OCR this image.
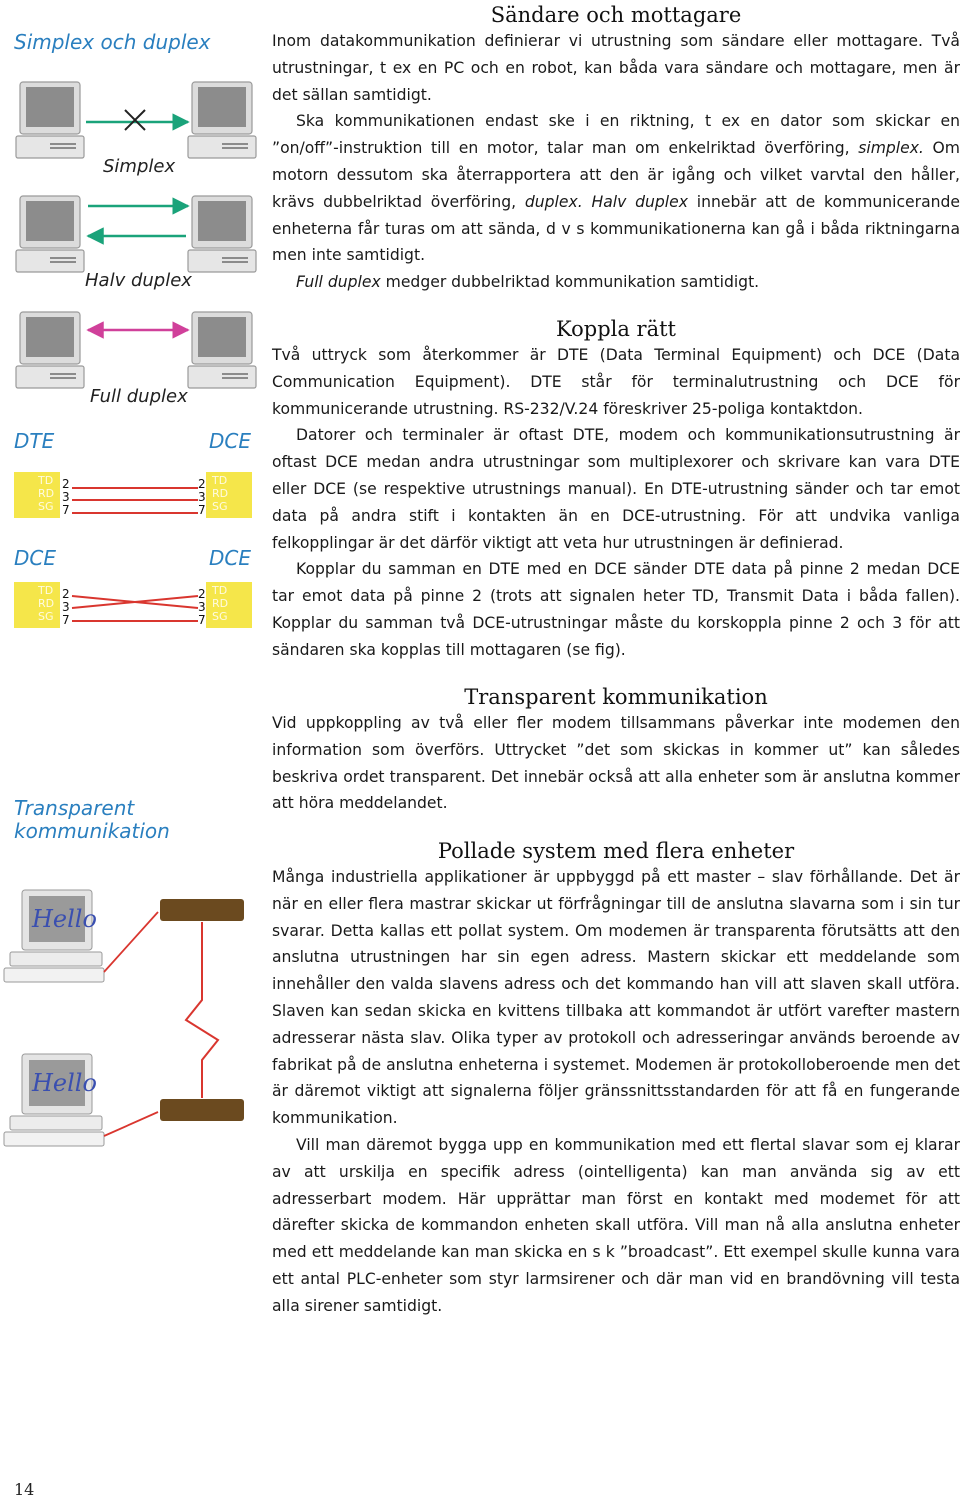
Simplex och duplex
Transparent
kommunikation
Simplex
Halv duplex
Full duplex
DTE	DCE
DCE	DCE
TD
RD
SG
2
3
7
TD
RD
SG
2
3
7
TD
RD
SG
2
3
7
TD
RD
SG
2
3
7
Hello
Hello
Sändare och mottagare

Inom datakommunikation definierar vi utrustning som sändare eller mottagare. Två utrustningar, t ex en PC och en robot, kan båda vara sändare och mottagare, men är det sällan samtidigt.

Ska kommunikationen endast ske i en riktning, t ex en dator som skickar en ”on/off”-instruktion till en motor, talar man om enkelriktad överföring, simplex. Om motorn dessutom ska återrapportera att den är igång och vilket varvtal den håller, krävs dubbelriktad överföring, duplex. Halv duplex innebär att de kommunicerande enheterna får turas om att sända, d v s kommunikationerna kan gå i båda riktningarna men inte samtidigt.

Full duplex medger dubbelriktad kommunikation samtidigt.

Koppla rätt

Två uttryck som återkommer är DTE (Data Terminal Equipment) och DCE (Data Communication Equipment). DTE står för terminalutrustning och DCE för kommunicerande utrustning. RS-232/V.24 föreskriver 25-poliga kontaktdon.

Datorer och terminaler är oftast DTE, modem och kommunikationsutrustning är oftast DCE medan andra utrustningar som multiplexorer och skrivare kan vara DTE eller DCE (se respektive utrustnings manual). En DTE-utrustning sänder och tar emot data på andra stift i kontakten än en DCE-utrustning. För att undvika vanliga felkopplingar är det därför viktigt att veta hur utrustningen är definierad.

Kopplar du samman en DTE med en DCE sänder DTE data på pinne 2 medan DCE tar emot data på pinne 2 (trots att signalen heter TD, Transmit Data i båda fallen). Kopplar du samman två DCE-utrustningar måste du korskoppla pinne 2 och 3 för att sändaren ska kopplas till mottagaren (se fig).

Transparent kommunikation

Vid uppkoppling av två eller fler modem tillsammans påverkar inte modemen den information som överförs. Uttrycket ”det som skickas in kommer ut” kan således beskriva ordet transparent. Det innebär också att alla enheter som är anslutna kommer att höra meddelandet.

Pollade system med flera enheter

Många industriella applikationer är uppbyggd på ett master – slav förhållande. Det är när en eller flera mastrar skickar ut förfrågningar till de anslutna slavarna som i sin tur svarar. Detta kallas ett pollat system. Om modemen är transparenta förutsätts att den anslutna utrustningen har sin egen adress. Mastern skickar ett meddelande som innehåller den valda slavens adress och det kommando han vill att slaven skall utföra. Slaven kan sedan skicka en kvittens tillbaka att kommandot är utfört varefter mastern adresserar nästa slav. Olika typer av protokoll och adresseringar används beroende av fabrikat på de anslutna enheterna i systemet. Modemen är protokolloberoende men det är däremot viktigt att signalerna följer gränssnittsstandarden för att få en fungerande kommunikation.

Vill man däremot bygga upp en kommunikation med ett flertal slavar som ej klarar av att urskilja en specifik adress (ointelligenta) kan man använda sig av ett adresserbart modem. Här upprättar man först en kontakt med modemet för att därefter skicka de kommandon enheten skall utföra. Vill man nå alla anslutna enheter med ett meddelande kan man skicka en s k ”broadcast”. Ett exempel skulle kunna vara ett antal PLC-enheter som styr larmsirener och där man vid en brandövning vill testa alla sirener samtidigt.

14
